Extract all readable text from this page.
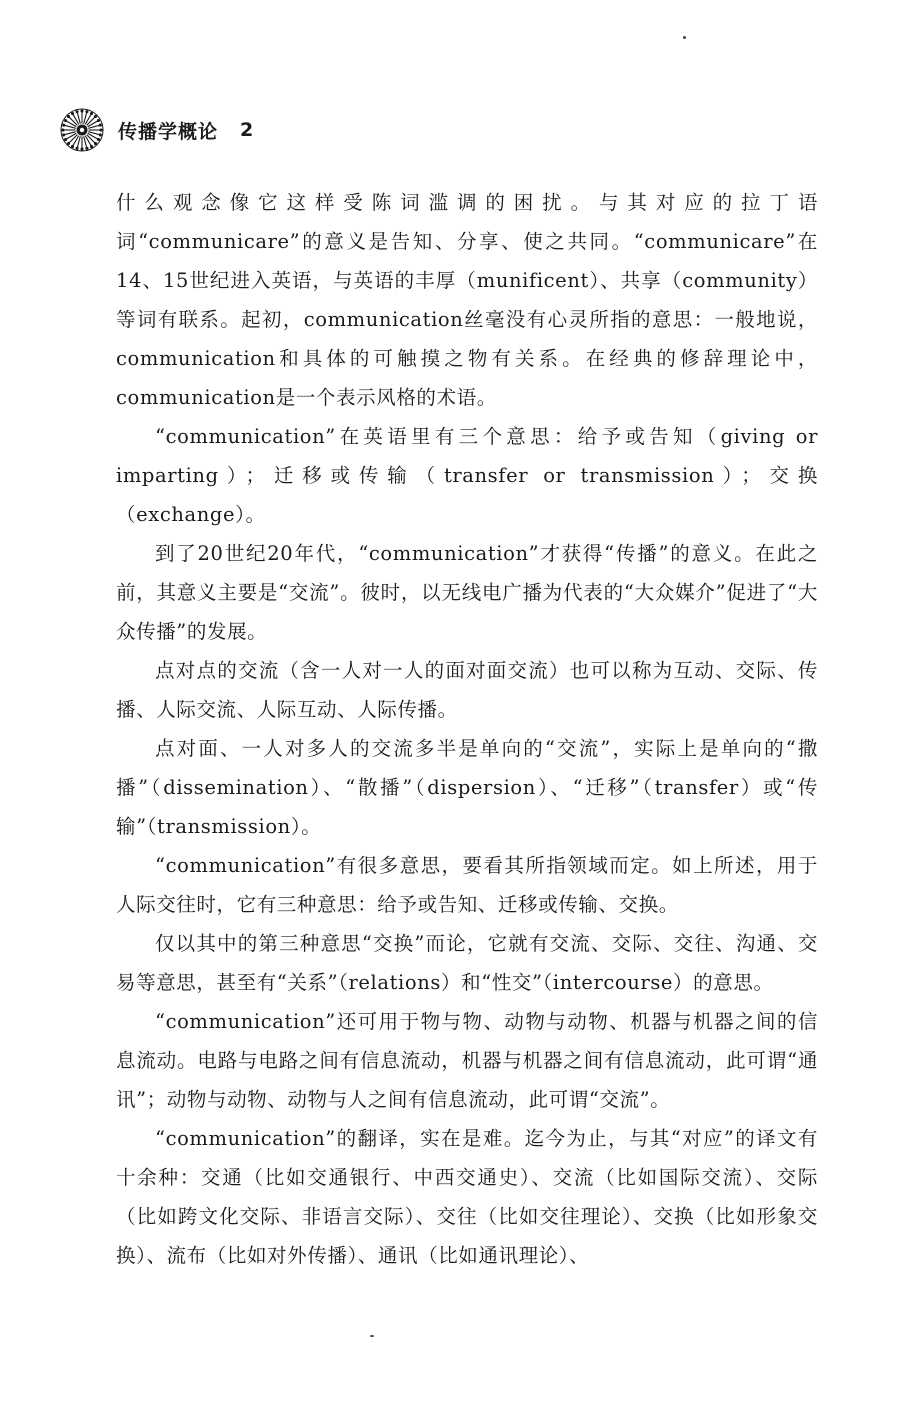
传播学概论 2

什么观念像它这样受陈词滥调的困扰。与其对应的拉丁语词“communicare”的意义是告知、分享、使之共同。“communicare”在14、15世纪进入英语，与英语的丰厚（munificent）、共享（community）等词有联系。起初，communication丝毫没有心灵所指的意思：一般地说，communication和具体的可触摸之物有关系。在经典的修辞理论中，communication是一个表示风格的术语。

“communication”在英语里有三个意思：给予或告知（giving or imparting）；迁移或传输（transfer or transmission）；交换（exchange）。

到了20世纪20年代，“communication”才获得“传播”的意义。在此之前，其意义主要是“交流”。彼时，以无线电广播为代表的“大众媒介”促进了“大众传播”的发展。

点对点的交流（含一人对一人的面对面交流）也可以称为互动、交际、传播、人际交流、人际互动、人际传播。

点对面、一人对多人的交流多半是单向的“交流”，实际上是单向的“撒播”（dissemination）、“散播”（dispersion）、“迁移”（transfer）或“传输”（transmission）。

“communication”有很多意思，要看其所指领域而定。如上所述，用于人际交往时，它有三种意思：给予或告知、迁移或传输、交换。

仅以其中的第三种意思“交换”而论，它就有交流、交际、交往、沟通、交易等意思，甚至有“关系”（relations）和“性交”（intercourse）的意思。

“communication”还可用于物与物、动物与动物、机器与机器之间的信息流动。电路与电路之间有信息流动，机器与机器之间有信息流动，此可谓“通讯”；动物与动物、动物与人之间有信息流动，此可谓“交流”。

“communication”的翻译，实在是难。迄今为止，与其“对应”的译文有十余种：交通（比如交通银行、中西交通史）、交流（比如国际交流）、交际（比如跨文化交际、非语言交际）、交往（比如交往理论）、交换（比如形象交换）、流布（比如对外传播）、通讯（比如通讯理论）、
